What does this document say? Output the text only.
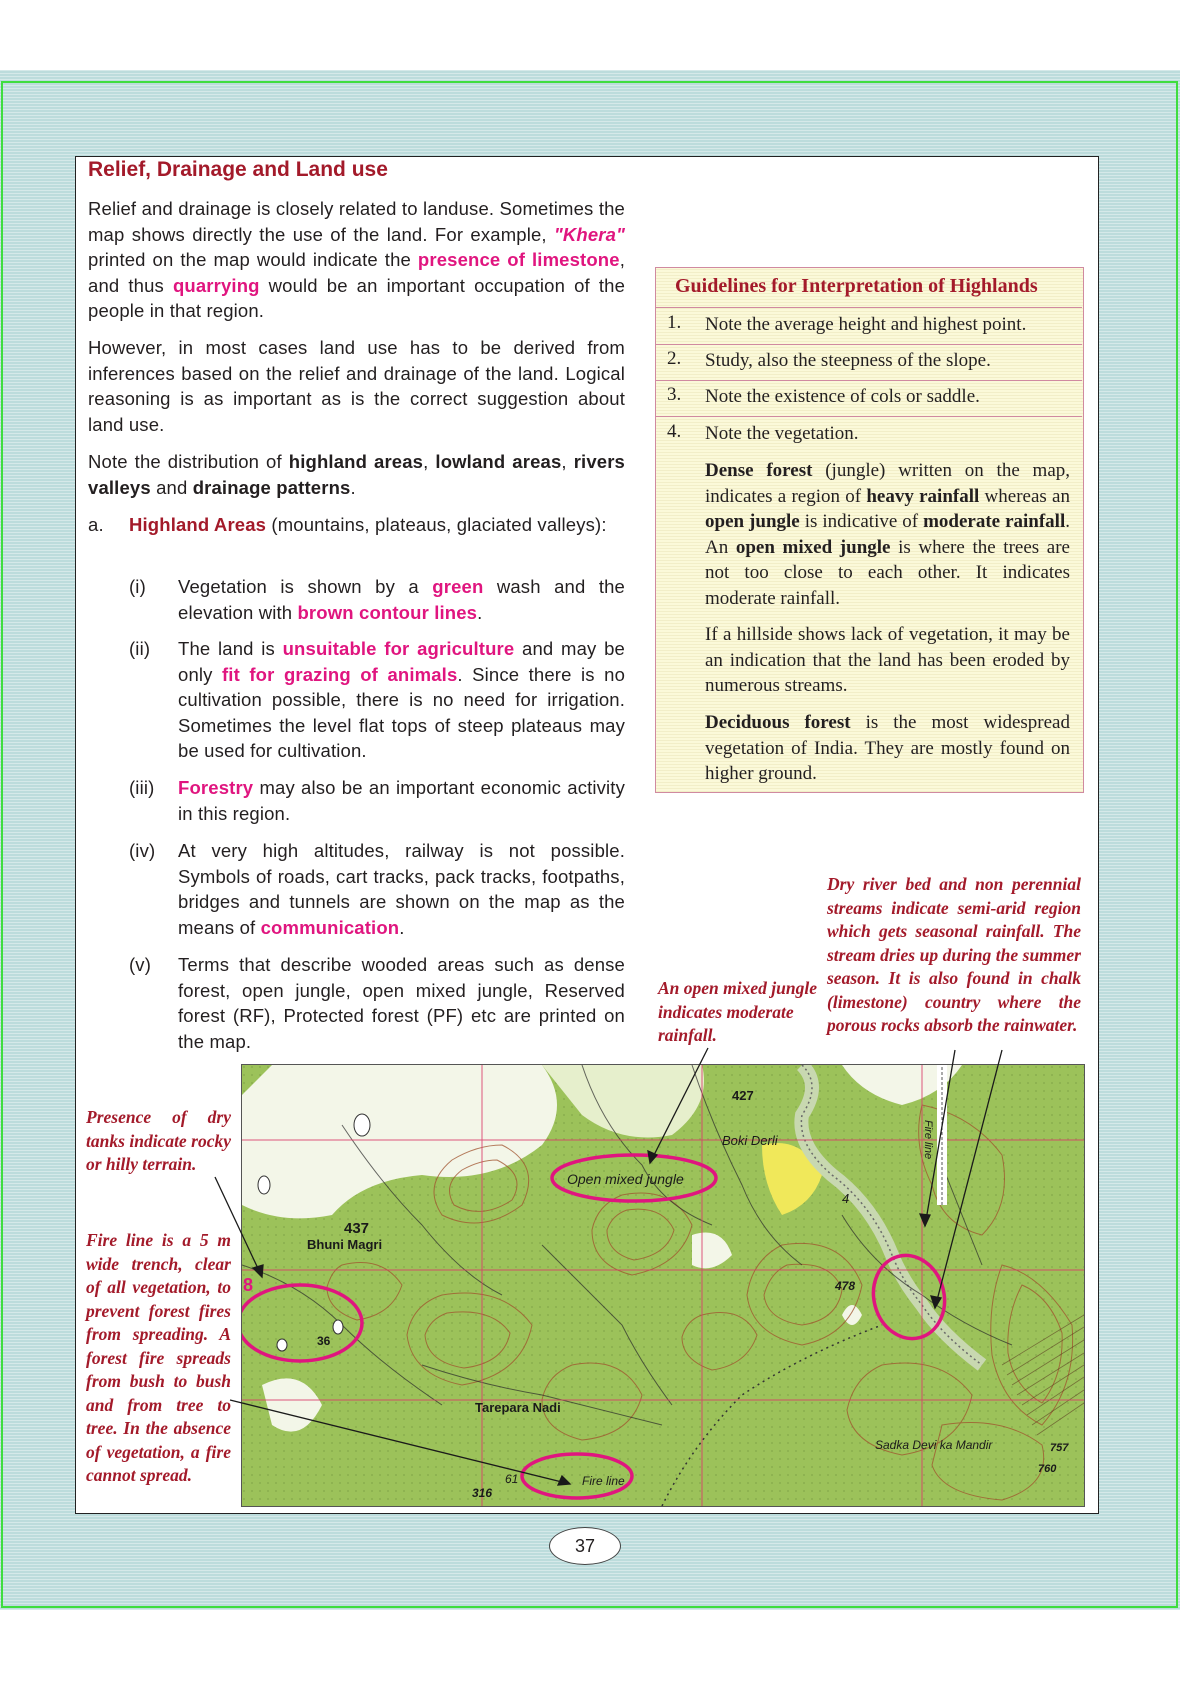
Relief, Drainage and Land use

Relief and drainage is closely related to landuse. Sometimes the map shows directly the use of the land. For example, "Khera" printed on the map would indicate the presence of limestone, and thus quarrying would be an important occupation of the people in that region.

However, in most cases land use has to be derived from inferences based on the relief and drainage of the land. Logical reasoning is as important as is the correct suggestion about land use.

Note the distribution of highland areas, lowland areas, rivers valleys and drainage patterns.

a. Highland Areas (mountains, plateaus, glaciated valleys):
(i) Vegetation is shown by a green wash and the elevation with brown contour lines.
(ii) The land is unsuitable for agriculture and may be only fit for grazing of animals. Since there is no cultivation possible, there is no need for irrigation. Sometimes the level flat tops of steep plateaus may be used for cultivation.
(iii) Forestry may also be an important economic activity in this region.
(iv) At very high altitudes, railway is not possible. Symbols of roads, cart tracks, pack tracks, footpaths, bridges and tunnels are shown on the map as the means of communication.
(v) Terms that describe wooded areas such as dense forest, open jungle, open mixed jungle, Reserved forest (RF), Protected forest (PF) etc are printed on the map.
Guidelines for Interpretation of Highlands
1. Note the average height and highest point.
2. Study, also the steepness of the slope.
3. Note the existence of cols or saddle.
4. Note the vegetation.
Dense forest (jungle) written on the map, indicates a region of heavy rainfall whereas an open jungle is indicative of moderate rainfall. An open mixed jungle is where the trees are not too close to each other. It indicates moderate rainfall.
If a hillside shows lack of vegetation, it may be an indication that the land has been eroded by numerous streams.
Deciduous forest is the most widespread vegetation of India. They are mostly found on higher ground.
Dry river bed and non perennial streams indicate semi-arid region which gets seasonal rainfall. The stream dries up during the summer season. It is also found in chalk (limestone) country where the porous rocks absorb the rainwater.
An open mixed jungle indicates moderate rainfall.
Presence of dry tanks indicate rocky or hilly terrain.
Fire line is a 5 m wide trench, clear of all vegetation, to prevent forest fires from spreading. A forest fire spreads from bush to bush and from tree to tree. In the absence of vegetation, a fire cannot spread.
Open mixed jungle
Boki Derli
Bhuni Magri
437
427
478
Tarepara Nadi
Fire line
316
61
Sadka Devi ka Mandir	757
760
36
Fire line
8
4
37
